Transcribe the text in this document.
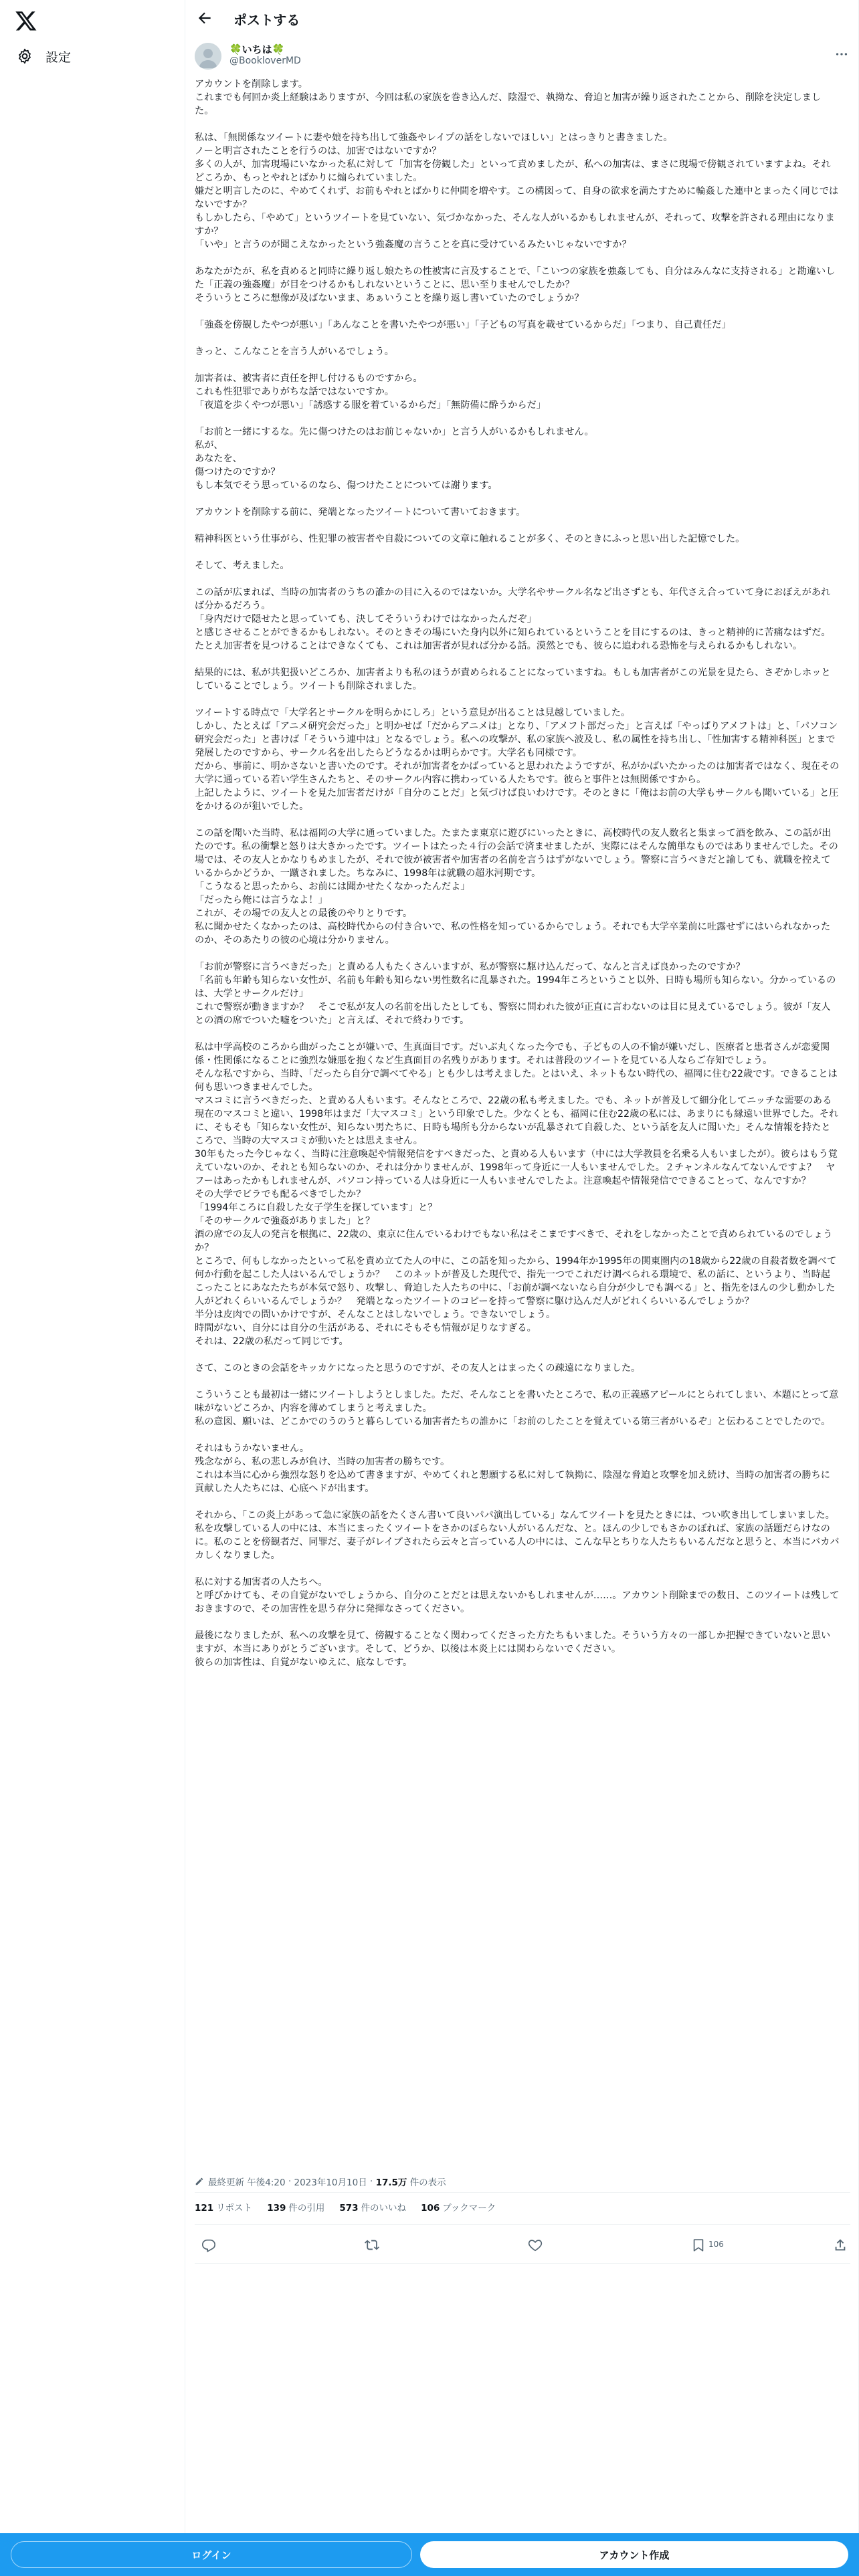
設定
ポストする
🍀いちは🍀
@BookloverMD
アカウントを削除します。
これまでも何回か炎上経験はありますが、今回は私の家族を巻き込んだ、陰湿で、執拗な、脅迫と加害が繰り返されたことから、削除を決定しました。

私は、「無関係なツイートに妻や娘を持ち出して強姦やレイプの話をしないでほしい」とはっきりと書きました。
ノーと明言されたことを行うのは、加害ではないですか？
多くの人が、加害現場にいなかった私に対して「加害を傍観した」といって責めましたが、私への加害は、まさに現場で傍観されていますよね。それどころか、もっとやれとばかりに煽られていました。
嫌だと明言したのに、やめてくれず、お前もやれとばかりに仲間を増やす。この構図って、自身の欲求を満たすために輪姦した連中とまったく同じではないですか？
もしかしたら、「やめて」というツイートを見ていない、気づかなかった、そんな人がいるかもしれませんが、それって、攻撃を許される理由になりますか？
「いや」と言うのが聞こえなかったという強姦魔の言うことを真に受けているみたいじゃないですか？

あなたがたが、私を責めると同時に繰り返し娘たちの性被害に言及することで、「こいつの家族を強姦しても、自分はみんなに支持される」と勘違いした「正義の強姦魔」が目をつけるかもしれないということに、思い至りませんでしたか？
そういうところに想像が及ばないまま、あぁいうことを繰り返し書いていたのでしょうか？

「強姦を傍観したやつが悪い」「あんなことを書いたやつが悪い」「子どもの写真を載せているからだ」「つまり、自己責任だ」

きっと、こんなことを言う人がいるでしょう。

加害者は、被害者に責任を押し付けるものですから。
これも性犯罪でありがちな話ではないですか。
「夜道を歩くやつが悪い」「誘惑する服を着ているからだ」「無防備に酔うからだ」

「お前と一緒にするな。先に傷つけたのはお前じゃないか」と言う人がいるかもしれません。
私が、
あなたを、
傷つけたのですか？
もし本気でそう思っているのなら、傷つけたことについては謝ります。

アカウントを削除する前に、発端となったツイートについて書いておきます。

精神科医という仕事がら、性犯罪の被害者や自殺についての文章に触れることが多く、そのときにふっと思い出した記憶でした。

そして、考えました。

この話が広まれば、当時の加害者のうちの誰かの目に入るのではないか。大学名やサークル名など出さずとも、年代さえ合っていて身におぼえがあれば分かるだろう。
「身内だけで隠せたと思っていても、決してそういうわけではなかったんだぞ」
と感じさせることができるかもしれない。そのときその場にいた身内以外に知られているということを目にするのは、きっと精神的に苦痛なはずだ。
たとえ加害者を見つけることはできなくても、これは加害者が見れば分かる話。漠然とでも、彼らに追われる恐怖を与えられるかもしれない。

結果的には、私が共犯扱いどころか、加害者よりも私のほうが責められることになっていますね。もしも加害者がこの光景を見たら、さぞかしホッとしていることでしょう。ツイートも削除されました。

ツイートする時点で「大学名とサークルを明らかにしろ」という意見が出ることは見越していました。
しかし、たとえば「アニメ研究会だった」と明かせば「だからアニメは」となり、「アメフト部だった」と言えば「やっぱりアメフトは」と、「パソコン研究会だった」と書けば「そういう連中は」となるでしょう。私への攻撃が、私の家族へ波及し、私の属性を持ち出し、「性加害する精神科医」とまで発展したのですから、サークル名を出したらどうなるかは明らかです。大学名も同様です。
だから、事前に、明かさないと書いたのです。それが加害者をかばっていると思われたようですが、私がかばいたかったのは加害者ではなく、現在その大学に通っている若い学生さんたちと、そのサークル内容に携わっている人たちです。彼らと事件とは無関係ですから。
上記したように、ツイートを見た加害者だけが「自分のことだ」と気づけば良いわけです。そのときに「俺はお前の大学もサークルも聞いている」と圧をかけるのが狙いでした。

この話を聞いた当時、私は福岡の大学に通っていました。たまたま東京に遊びにいったときに、高校時代の友人数名と集まって酒を飲み、この話が出たのです。私の衝撃と怒りは大きかったです。ツイートはたった４行の会話で済ませましたが、実際にはそんな簡単なものではありませんでした。その場では、その友人とかなりもめましたが、それで彼が被害者や加害者の名前を言うはずがないでしょう。警察に言うべきだと諭しても、就職を控えているからかどうか、一蹴されました。ちなみに、1998年は就職の超氷河期です。
「こうなると思ったから、お前には聞かせたくなかったんだよ」
「だったら俺には言うなよ！」
これが、その場での友人との最後のやりとりです。
私に聞かせたくなかったのは、高校時代からの付き合いで、私の性格を知っているからでしょう。それでも大学卒業前に吐露せずにはいられなかったのか、そのあたりの彼の心境は分かりません。

「お前が警察に言うべきだった」と責める人もたくさんいますが、私が警察に駆け込んだって、なんと言えば良かったのですか？
「名前も年齢も知らない女性が、名前も年齢も知らない男性数名に乱暴された。1994年ころということ以外、日時も場所も知らない。分かっているのは、大学とサークルだけ」
これで警察が動きますか？　そこで私が友人の名前を出したとしても、警察に問われた彼が正直に言わないのは目に見えているでしょう。彼が「友人との酒の席でついた嘘をついた」と言えば、それで終わりです。

私は中学高校のころから曲がったことが嫌いで、生真面目です。だいぶ丸くなった今でも、子どもの人の不愉が嫌いだし、医療者と患者さんが恋愛関係・性関係になることに強烈な嫌悪を抱くなど生真面目の名残りがあります。それは普段のツイートを見ている人ならご存知でしょう。
そんな私ですから、当時、「だったら自分で調べてやる」とも少しは考えました。とはいえ、ネットもない時代の、福岡に住む22歳です。できることは何も思いつきませんでした。
マスコミに言うべきだった、と責める人もいます。そんなところで、22歳の私も考えました。でも、ネットが普及して細分化してニッチな需要のある現在のマスコミと違い、1998年はまだ「大マスコミ」という印象でした。少なくとも、福岡に住む22歳の私には、あまりにも縁遠い世界でした。それに、そもそも「知らない女性が、知らない男たちに、日時も場所も分からないが乱暴されて自殺した、という話を友人に聞いた」そんな情報を持たところで、当時の大マスコミが動いたとは思えません。
30年もたった今じゃなく、当時に注意喚起や情報発信をすべきだった、と責める人もいます（中には大学教員を名乗る人もいましたが）。彼らはもう覚えていないのか、それとも知らないのか、それは分かりませんが、1998年って身近に一人もいませんでした。２チャンネルなんてないんですよ？　ヤフーはあったかもしれませんが、パソコン持っている人は身近に一人もいませんでしたよ。注意喚起や情報発信でできることって、なんですか？
その大学でビラでも配るべきでしたか？
「1994年ころに自殺した女子学生を探しています」と？
「そのサークルで強姦がありました」と？
酒の席での友人の発言を根拠に、22歳の、東京に住んでいるわけでもない私はそこまですべきで、それをしなかったことで責められているのでしょうか？
ところで、何もしなかったといって私を責め立てた人の中に、この話を知ったから、1994年か1995年の関東圏内の18歳から22歳の自殺者数を調べて何か行動を起こした人はいるんでしょうか？　このネットが普及した現代で、指先一つでこれだけ調べられる環境で、私の話に、というより、当時起こったことにあなたたちが本気で怒り、攻撃し、脅迫した人たちの中に、「お前が調べないなら自分が少しでも調べる」と、指先をほんの少し動かした人がどれくらいいるんでしょうか？　発端となったツイートのコピーを持って警察に駆け込んだ人がどれくらいいるんでしょうか？
半分は皮肉での問いかけですが、そんなことはしないでしょう。できないでしょう。
時間がない、自分には自分の生活がある、それにそもそも情報が足りなすぎる。
それは、22歳の私だって同じです。

さて、このときの会話をキッカケになったと思うのですが、その友人とはまったくの疎遠になりました。

こういうことも最初は一緒にツイートしようとしました。ただ、そんなことを書いたところで、私の正義感アピールにとられてしまい、本題にとって意味がないどころか、内容を薄めてしまうと考えました。
私の意図、願いは、どこかでのうのうと暮らしている加害者たちの誰かに「お前のしたことを覚えている第三者がいるぞ」と伝わることでしたので。

それはもうかないません。
残念ながら、私の悲しみが負け、当時の加害者の勝ちです。
これは本当に心から強烈な怒りを込めて書きますが、やめてくれと懇願する私に対して執拗に、陰湿な脅迫と攻撃を加え続け、当時の加害者の勝ちに貢献した人たちには、心底ヘドが出ます。

それから、「この炎上があって急に家族の話をたくさん書いて良いパパ演出している」なんてツイートを見たときには、つい吹き出してしまいました。私を攻撃している人の中には、本当にまったくツイートをさかのぼらない人がいるんだな、と。ほんの少しでもさかのぼれば、家族の話題だらけなのに。私のことを傍観者だ、同罪だ、妻子がレイプされたら云々と言っている人の中には、こんな早とちりな人たちもいるんだなと思うと、本当にバカバカしくなりました。

私に対する加害者の人たちへ。
と呼びかけても、その自覚がないでしょうから、自分のことだとは思えないかもしれませんが……。アカウント削除までの数日、このツイートは残しておきますので、その加害性を思う存分に発揮なさってください。

最後になりましたが、私への攻撃を見て、傍観することなく関わってくださった方たちもいました。そういう方々の一部しか把握できていないと思いますが、本当にありがとうございます。そして、どうか、以後は本炎上には関わらないでください。
彼らの加害性は、自覚がないゆえに、底なしです。
最終更新 午後4:20 · 2023年10月10日 · 17.5万
件の表示
121 リポスト 139 件の引用 573 件のいいね 106 ブックマーク
106
ログイン	アカウント作成
